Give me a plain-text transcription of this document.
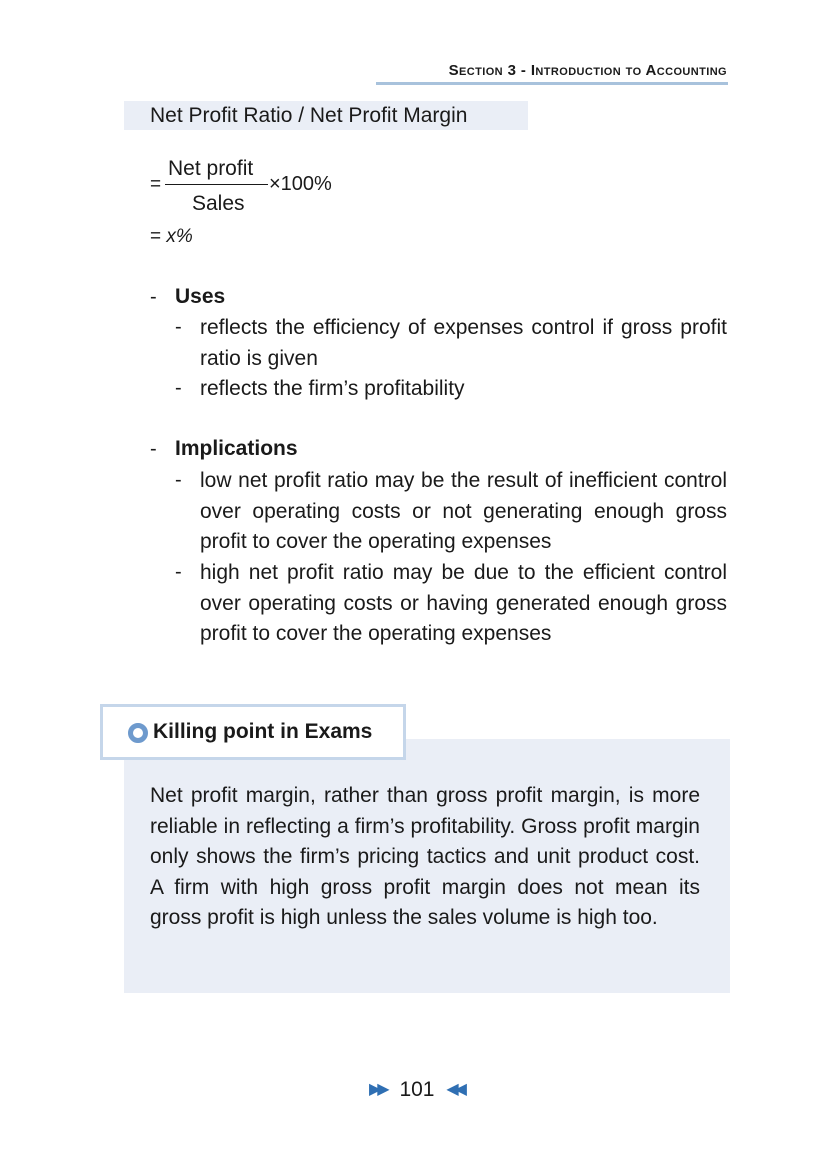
Section 3 - Introduction to Accounting
Net Profit Ratio / Net Profit Margin
=
Net profit
Sales
×100%
= x%
- Uses
- reflects the efficiency of expenses control if gross profit ratio is given
- reflects the firm’s profitability
- Implications
- low net profit ratio may be the result of inefficient control over operating costs or not generating enough gross profit to cover the operating expenses
- high net profit ratio may be due to the efficient control over operating costs or having generated enough gross profit to cover the operating expenses
Killing point in Exams
Net profit margin, rather than gross profit margin, is more reliable in reflecting a firm’s profitability. Gross profit margin only shows the firm’s pricing tactics and unit product cost. A firm with high gross profit margin does not mean its gross profit is high unless the sales volume is high too.
▶▶ 101 ◀◀
